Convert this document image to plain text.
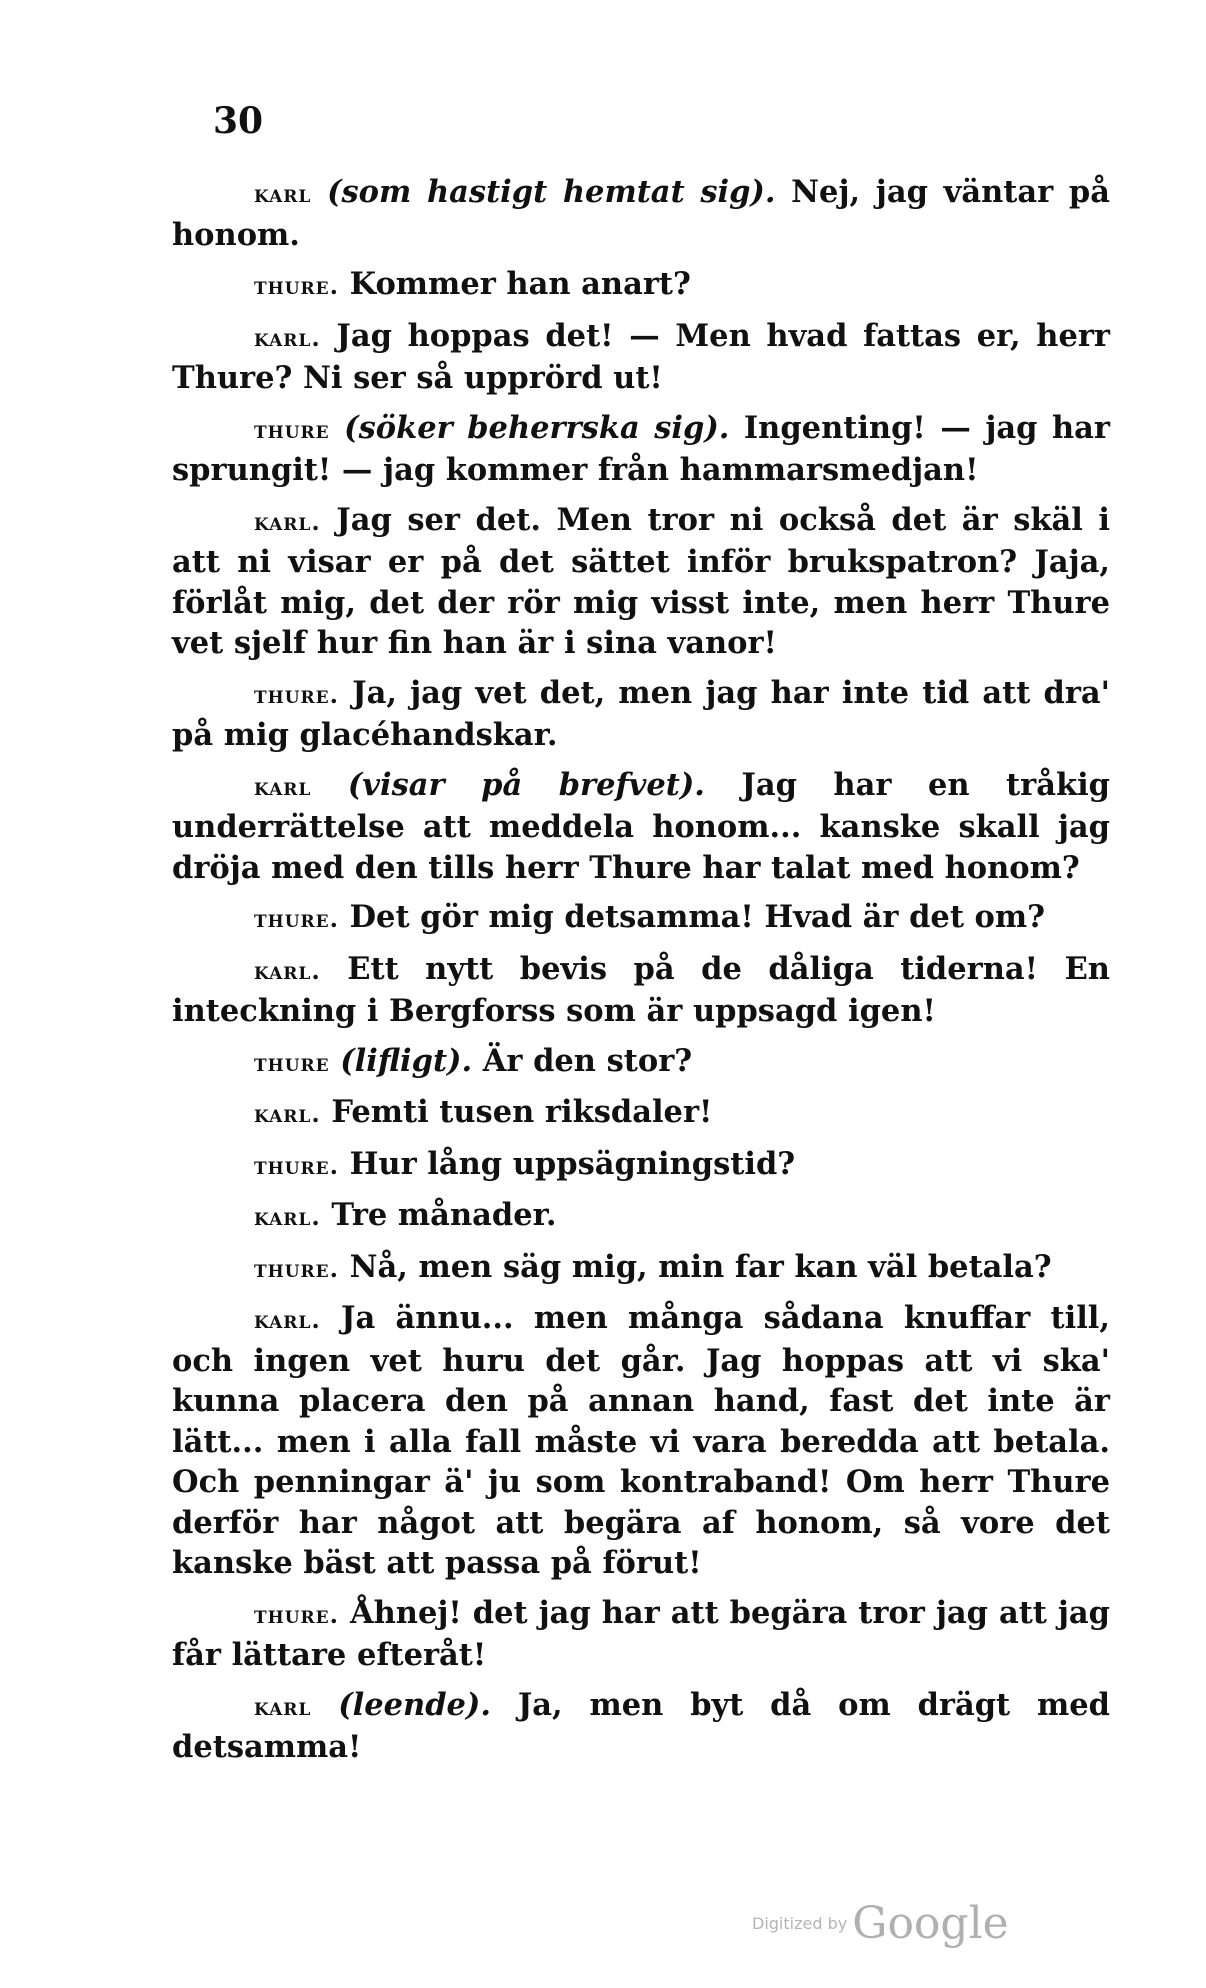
30

karl (som hastigt hemtat sig). Nej, jag väntar på honom.

thure. Kommer han anart?

karl. Jag hoppas det! — Men hvad fattas er, herr Thure? Ni ser så upprörd ut!

thure (söker beherrska sig). Ingenting! — jag har sprungit! — jag kommer från hammarsmedjan!

karl. Jag ser det. Men tror ni också det är skäl i att ni visar er på det sättet inför brukspatron? Jaja, förlåt mig, det der rör mig visst inte, men herr Thure vet sjelf hur fin han är i sina vanor!

thure. Ja, jag vet det, men jag har inte tid att dra' på mig glacéhandskar.

karl (visar på brefvet). Jag har en tråkig underrättelse att meddela honom... kanske skall jag dröja med den tills herr Thure har talat med honom?

thure. Det gör mig detsamma! Hvad är det om?

karl. Ett nytt bevis på de dåliga tiderna! En inteckning i Bergforss som är uppsagd igen!

thure (lifligt). Är den stor?

karl. Femti tusen riksdaler!

thure. Hur lång uppsägningstid?

karl. Tre månader.

thure. Nå, men säg mig, min far kan väl betala?

karl. Ja ännu... men många sådana knuffar till, och ingen vet huru det går. Jag hoppas att vi ska' kunna placera den på annan hand, fast det inte är lätt... men i alla fall måste vi vara beredda att betala. Och penningar ä' ju som kontraband! Om herr Thure derför har något att begära af honom, så vore det kanske bäst att passa på förut!

thure. Åhnej! det jag har att begära tror jag att jag får lättare efteråt!

karl (leende). Ja, men byt då om drägt med detsamma!

Digitized by Google
